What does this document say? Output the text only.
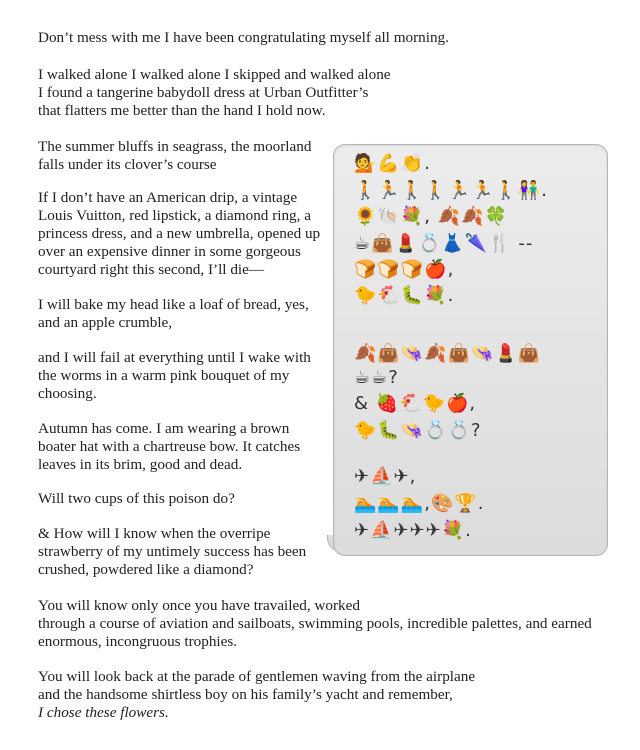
Don’t mess with me I have been congratulating myself all morning.

I walked alone I walked alone I skipped and walked alone

I found a tangerine babydoll dress at Urban Outfitter’s

that flatters me better than the hand I hold now.

The summer bluffs in seagrass, the moorland

falls under its clover’s course

If I don’t have an American drip, a vintage

Louis Vuitton, red lipstick, a diamond ring, a

princess dress, and a new umbrella, opened up

over an expensive dinner in some gorgeous

courtyard right this second, I’ll die—

I will bake my head like a loaf of bread, yes,

and an apple crumble,

and I will fail at everything until I wake with

the worms in a warm pink bouquet of my

choosing.

Autumn has come. I am wearing a brown

boater hat with a chartreuse bow. It catches

leaves in its brim, good and dead.

Will two cups of this poison do?

& How will I know when the overripe

strawberry of my untimely success has been

crushed, powdered like a diamond?

You will know only once you have travailed, worked

through a course of aviation and sailboats, swimming pools, incredible palettes, and earned

enormous, incongruous trophies.

You will look back at the parade of gentlemen waving from the airplane

and the handsome shirtless boy on his family’s yacht and remember,

I chose these flowers.

💁💪👏.
🚶🏃🚶🚶🏃🏃🚶👫.
🌻🐚💐, 🍂🍂🍀
☕👜💄💍👗🌂🍴 --
🍞🍞🍞🍎,
🐤🐔🐛💐.
🍂👜👒🍂👜👒💄👜
☕☕?
& 🍓🐔🐤🍎,
🐤🐛👒💍💍?
✈⛵✈,
🏊🏊🏊,🎨🏆.
✈⛵✈✈✈💐.
